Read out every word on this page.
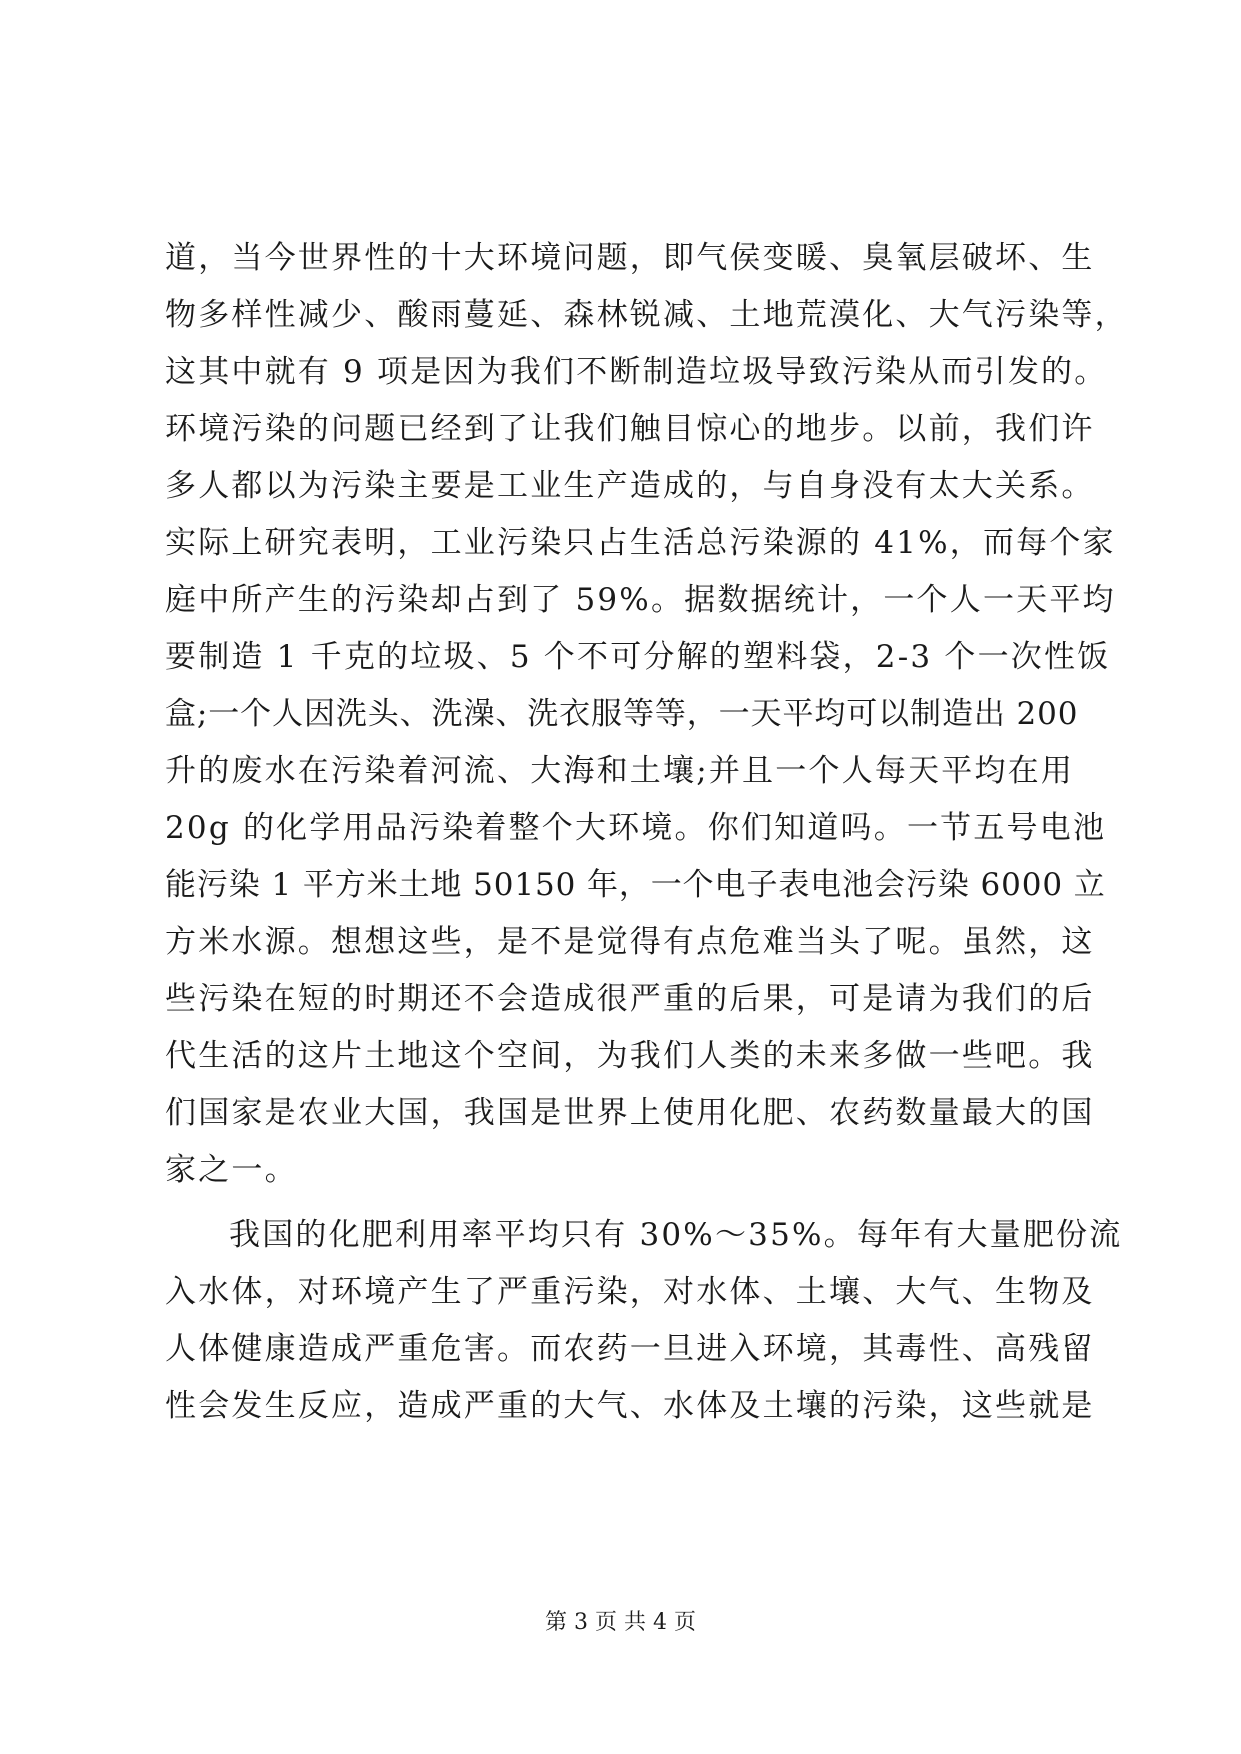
道，当今世界性的十大环境问题，即气侯变暖、臭氧层破坏、生
物多样性减少、酸雨蔓延、森林锐减、土地荒漠化、大气污染等，
这其中就有 9 项是因为我们不断制造垃圾导致污染从而引发的。
环境污染的问题已经到了让我们触目惊心的地步。以前，我们许
多人都以为污染主要是工业生产造成的，与自身没有太大关系。
实际上研究表明，工业污染只占生活总污染源的 41%，而每个家
庭中所产生的污染却占到了 59%。据数据统计，一个人一天平均
要制造 1 千克的垃圾、5 个不可分解的塑料袋，2-3 个一次性饭
盒;一个人因洗头、洗澡、洗衣服等等，一天平均可以制造出 200
升的废水在污染着河流、大海和土壤;并且一个人每天平均在用
20g 的化学用品污染着整个大环境。你们知道吗。一节五号电池
能污染 1 平方米土地 50150 年，一个电子表电池会污染 6000 立
方米水源。想想这些，是不是觉得有点危难当头了呢。虽然，这
些污染在短的时期还不会造成很严重的后果，可是请为我们的后
代生活的这片土地这个空间，为我们人类的未来多做一些吧。我
们国家是农业大国，我国是世界上使用化肥、农药数量最大的国
家之一。
我国的化肥利用率平均只有 30%～35%。每年有大量肥份流
入水体，对环境产生了严重污染，对水体、土壤、大气、生物及
人体健康造成严重危害。而农药一旦进入环境，其毒性、高残留
性会发生反应，造成严重的大气、水体及土壤的污染，这些就是
第 3 页 共 4 页
